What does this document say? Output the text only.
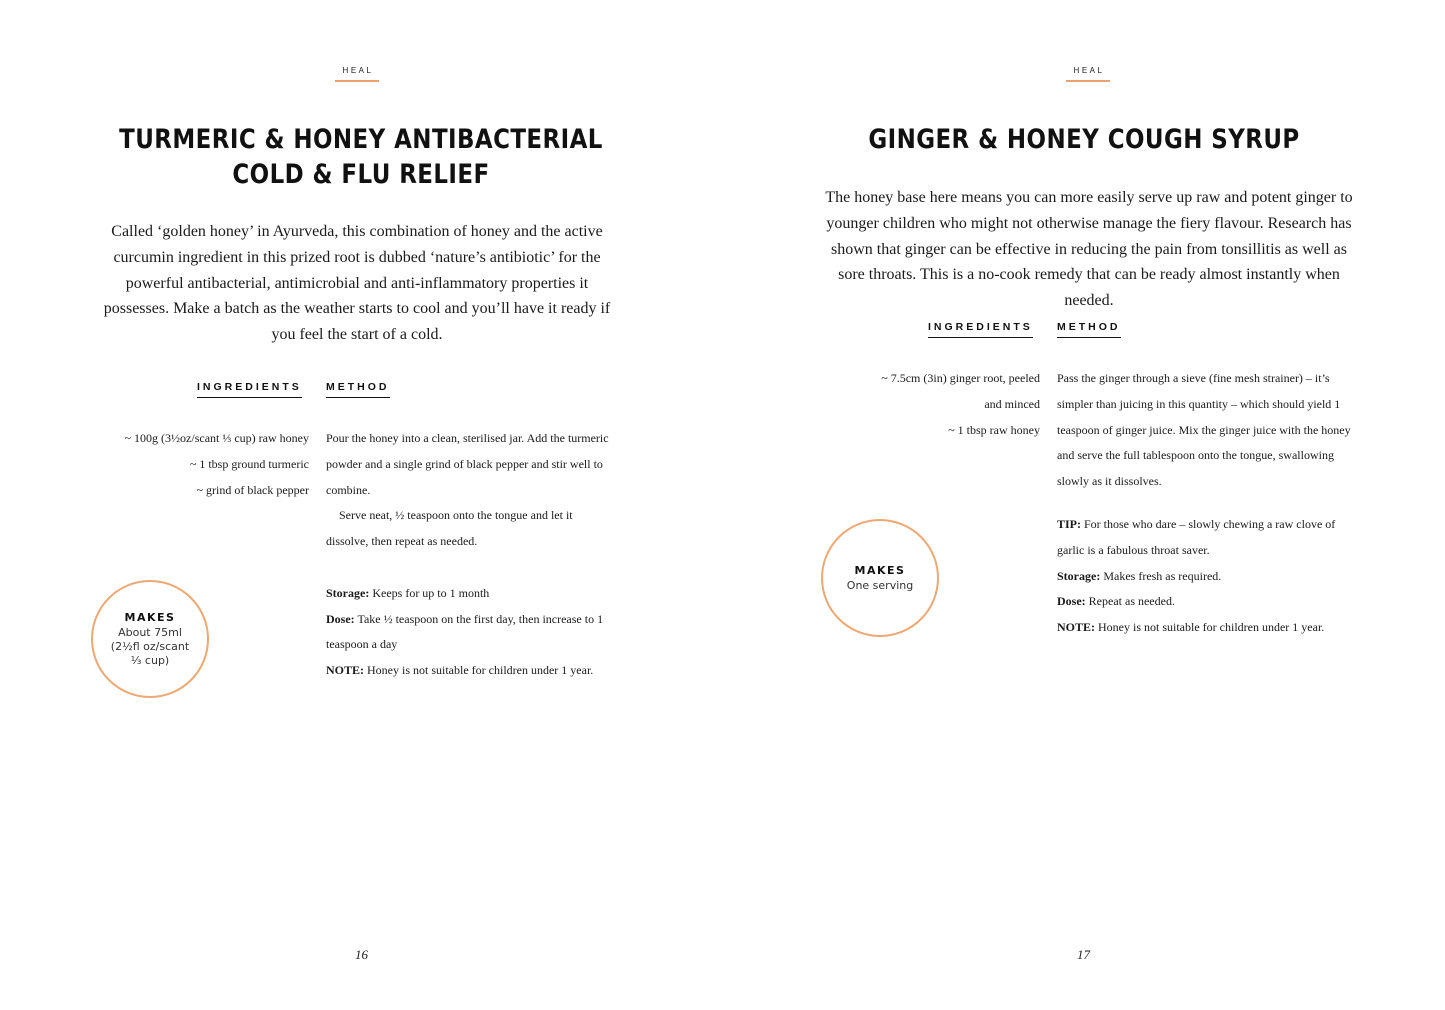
HEAL
TURMERIC & HONEY ANTIBACTERIAL
COLD & FLU RELIEF
Called ‘golden honey’ in Ayurveda, this combination of honey and the active curcumin ingredient in this prized root is dubbed ‘nature’s antibiotic’ for the powerful antibacterial, antimicrobial and anti-inflammatory properties it possesses. Make a batch as the weather starts to cool and you’ll have it ready if you feel the start of a cold.
INGREDIENTS METHOD
~ 100g (3½oz/scant ⅓ cup) raw honey
~ 1 tbsp ground turmeric
~ grind of black pepper

Pour the honey into a clean, sterilised jar. Add the turmeric powder and a single grind of black pepper and stir well to combine.

Serve neat, ½ teaspoon onto the tongue and let it dissolve, then repeat as needed.

Storage: Keeps for up to 1 month

Dose: Take ½ teaspoon on the first day, then increase to 1 teaspoon a day

NOTE: Honey is not suitable for children under 1 year.

MAKES
About 75ml (2½fl oz/scant ⅓ cup)
16
HEAL
GINGER & HONEY COUGH SYRUP
The honey base here means you can more easily serve up raw and potent ginger to younger children who might not otherwise manage the fiery flavour. Research has shown that ginger can be effective in reducing the pain from tonsillitis as well as sore throats. This is a no-cook remedy that can be ready almost instantly when needed.
INGREDIENTS METHOD
~ 7.5cm (3in) ginger root, peeled
and minced
~ 1 tbsp raw honey

Pass the ginger through a sieve (fine mesh strainer) – it’s simpler than juicing in this quantity – which should yield 1 teaspoon of ginger juice. Mix the ginger juice with the honey and serve the full tablespoon onto the tongue, swallowing slowly as it dissolves.

TIP: For those who dare – slowly chewing a raw clove of garlic is a fabulous throat saver.

Storage: Makes fresh as required.

Dose: Repeat as needed.

NOTE: Honey is not suitable for children under 1 year.

MAKES
One serving
17
